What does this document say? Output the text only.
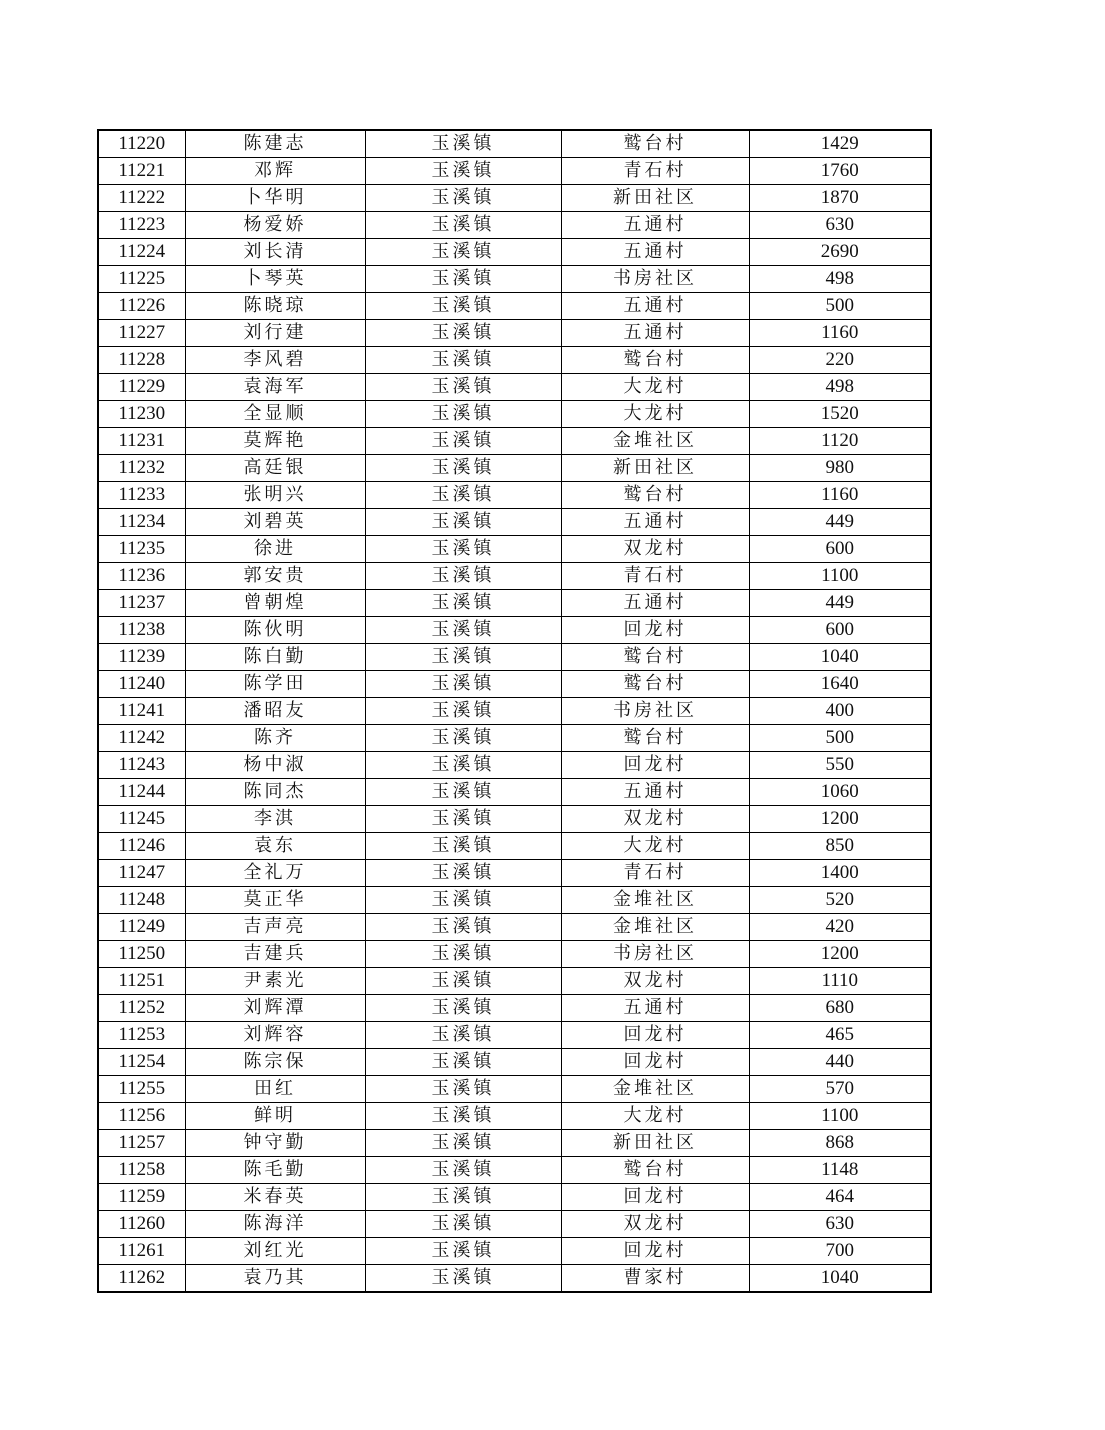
11220	陈建志	玉溪镇	鹫台村	1429
11221	邓辉	玉溪镇	青石村	1760
11222	卜华明	玉溪镇	新田社区	1870
11223	杨爱娇	玉溪镇	五通村	630
11224	刘长清	玉溪镇	五通村	2690
11225	卜琴英	玉溪镇	书房社区	498
11226	陈晓琼	玉溪镇	五通村	500
11227	刘行建	玉溪镇	五通村	1160
11228	李风碧	玉溪镇	鹫台村	220
11229	袁海军	玉溪镇	大龙村	498
11230	全显顺	玉溪镇	大龙村	1520
11231	莫辉艳	玉溪镇	金堆社区	1120
11232	高廷银	玉溪镇	新田社区	980
11233	张明兴	玉溪镇	鹫台村	1160
11234	刘碧英	玉溪镇	五通村	449
11235	徐进	玉溪镇	双龙村	600
11236	郭安贵	玉溪镇	青石村	1100
11237	曾朝煌	玉溪镇	五通村	449
11238	陈伙明	玉溪镇	回龙村	600
11239	陈白勤	玉溪镇	鹫台村	1040
11240	陈学田	玉溪镇	鹫台村	1640
11241	潘昭友	玉溪镇	书房社区	400
11242	陈齐	玉溪镇	鹫台村	500
11243	杨中淑	玉溪镇	回龙村	550
11244	陈同杰	玉溪镇	五通村	1060
11245	李淇	玉溪镇	双龙村	1200
11246	袁东	玉溪镇	大龙村	850
11247	全礼万	玉溪镇	青石村	1400
11248	莫正华	玉溪镇	金堆社区	520
11249	吉声亮	玉溪镇	金堆社区	420
11250	吉建兵	玉溪镇	书房社区	1200
11251	尹素光	玉溪镇	双龙村	1110
11252	刘辉潭	玉溪镇	五通村	680
11253	刘辉容	玉溪镇	回龙村	465
11254	陈宗保	玉溪镇	回龙村	440
11255	田红	玉溪镇	金堆社区	570
11256	鲜明	玉溪镇	大龙村	1100
11257	钟守勤	玉溪镇	新田社区	868
11258	陈毛勤	玉溪镇	鹫台村	1148
11259	米春英	玉溪镇	回龙村	464
11260	陈海洋	玉溪镇	双龙村	630
11261	刘红光	玉溪镇	回龙村	700
11262	袁乃其	玉溪镇	曹家村	1040
